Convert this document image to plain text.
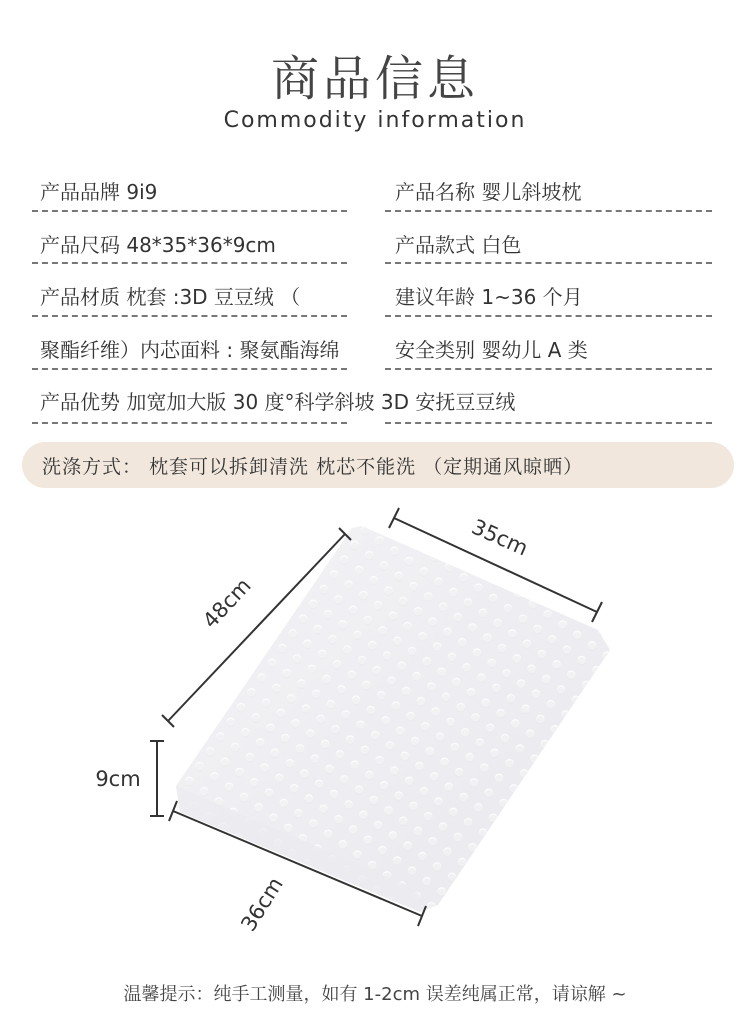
商品信息
Commodity information
产品品牌 9i9	产品名称 婴儿斜坡枕
产品尺码 48*35*36*9cm	产品款式 白色
产品材质 枕套 :3D 豆豆绒 （	建议年龄 1~36 个月
聚酯纤维）内芯面料 : 聚氨酯海绵	安全类别 婴幼儿 A 类
产品优势 加宽加大版 30 度°科学斜坡 3D 安抚豆豆绒
洗涤方式： 枕套可以拆卸清洗 枕芯不能洗 （定期通风晾晒）
35cm
48cm
9cm
36cm
温馨提示：纯手工测量，如有 1-2cm 误差纯属正常，请谅解 ~
